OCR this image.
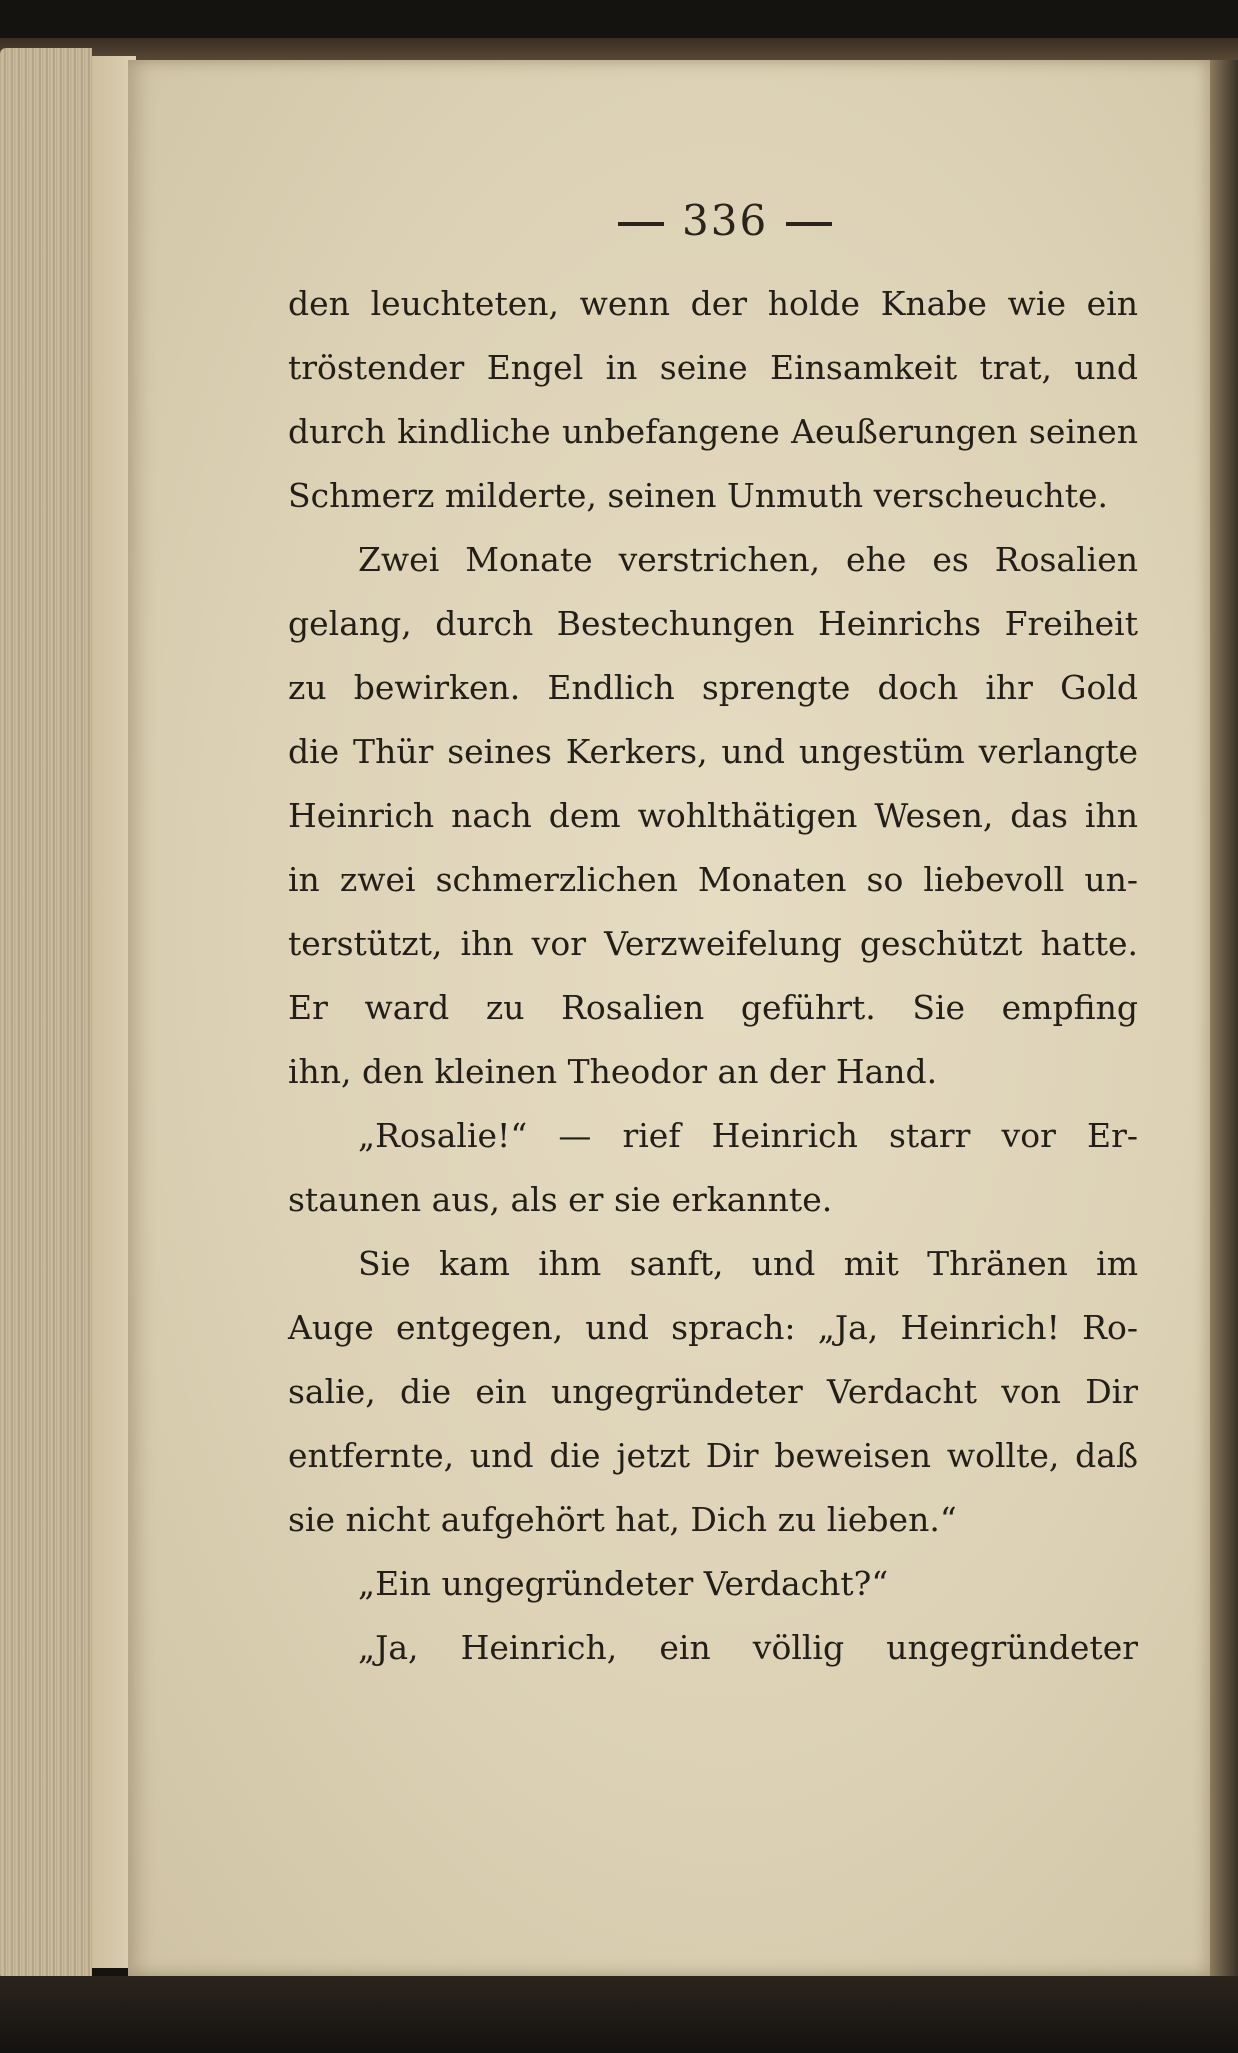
336
den leuchteten, wenn der holde Knabe wie ein
tröstender Engel in seine Einsamkeit trat, und
durch kindliche unbefangene Aeußerungen seinen
Schmerz milderte, seinen Unmuth verscheuchte.
Zwei Monate verstrichen, ehe es Rosalien
gelang, durch Bestechungen Heinrichs Freiheit
zu bewirken. Endlich sprengte doch ihr Gold
die Thür seines Kerkers, und ungestüm verlangte
Heinrich nach dem wohlthätigen Wesen, das ihn
in zwei schmerzlichen Monaten so liebevoll un-
terstützt, ihn vor Verzweifelung geschützt hatte.
Er ward zu Rosalien geführt. Sie empfing
ihn, den kleinen Theodor an der Hand.
„Rosalie!“ — rief Heinrich starr vor Er-
staunen aus, als er sie erkannte.
Sie kam ihm sanft, und mit Thränen im
Auge entgegen, und sprach: „Ja, Heinrich! Ro-
salie, die ein ungegründeter Verdacht von Dir
entfernte, und die jetzt Dir beweisen wollte, daß
sie nicht aufgehört hat, Dich zu lieben.“
„Ein ungegründeter Verdacht?“
„Ja, Heinrich, ein völlig ungegründeter
